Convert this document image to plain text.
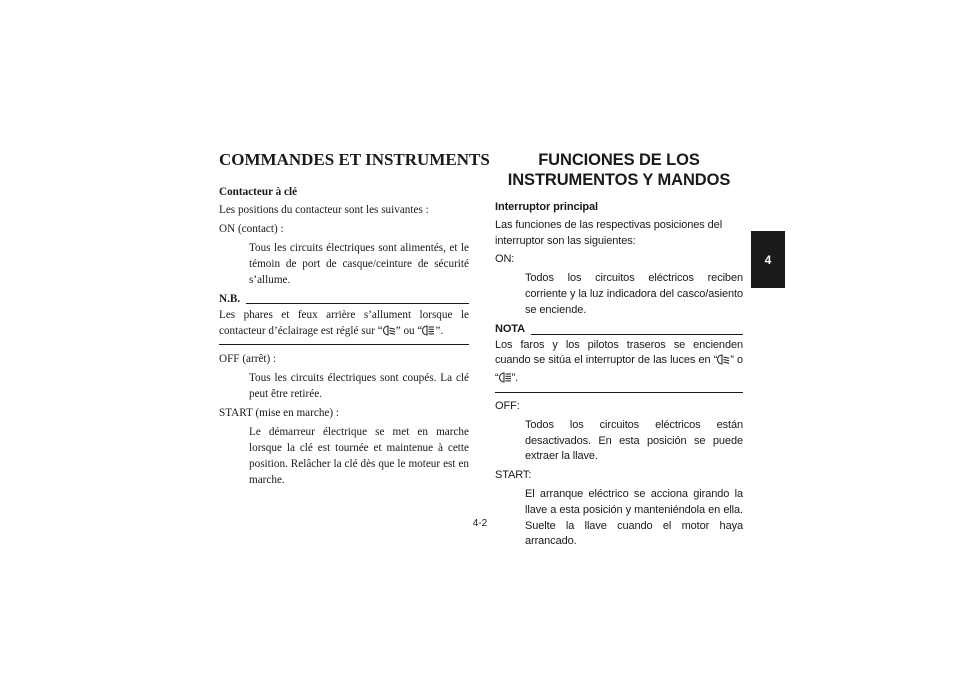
COMMANDES ET INSTRUMENTS
Contacteur à clé
Les positions du contacteur sont les suivantes :
ON (contact) :
Tous les circuits électriques sont alimentés, et le témoin de port de casque/ceinture de sécurité s’allume.
N.B.

Les phares et feux arrière s’allument lorsque le contacteur d’éclairage est réglé sur “ ” ou “ ”.

OFF (arrêt) :
Tous les circuits électriques sont coupés. La clé peut être retirée.
START (mise en marche) :
Le démarreur électrique se met en marche lorsque la clé est tournée et maintenue à cette position. Relâcher la clé dès que le moteur est en marche.
FUNCIONES DE LOS
INSTRUMENTOS Y MANDOS
Interruptor principal
Las funciones de las respectivas posiciones del interruptor son las siguientes:
ON:
Todos los circuitos eléctricos reciben corriente y la luz indicadora del casco/asiento se enciende.
NOTA

Los faros y los pilotos traseros se encienden cuando se sitúa el interruptor de las luces en “ ” o “ ”.

OFF:
Todos los circuitos eléctricos están desactivados. En esta posición se puede extraer la llave.
START:
El arranque eléctrico se acciona girando la llave a esta posición y manteniéndola en ella. Suelte la llave cuando el motor haya arrancado.
4-2
4
